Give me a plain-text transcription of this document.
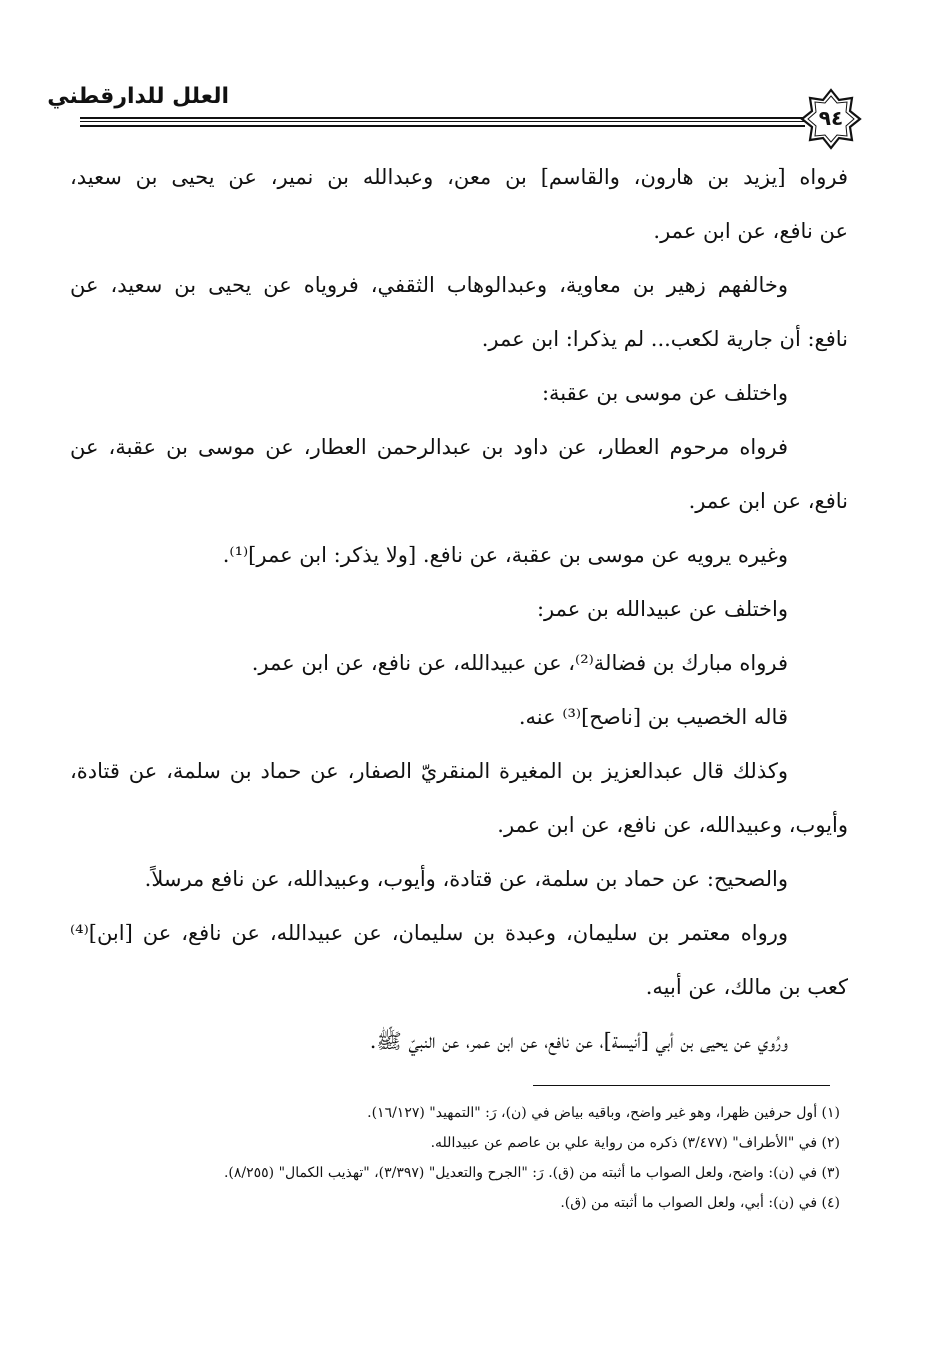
العلل للدارقطني
٩٤
فرواه [يزيد بن هارون، والقاسم] بن معن، وعبدالله بن نمير، عن يحيى بن سعيد،
عن نافع، عن ابن عمر.
وخالفهم زهير بن معاوية، وعبدالوهاب الثقفي، فروياه عن يحيى بن سعيد، عن
نافع: أن جارية لكعب... لم يذكرا: ابن عمر.
واختلف عن موسى بن عقبة:
فرواه مرحوم العطار، عن داود بن عبدالرحمن العطار، عن موسى بن عقبة، عن
نافع، عن ابن عمر.
وغيره يرويه عن موسى بن عقبة، عن نافع. [ولا يذكر: ابن عمر]⁽¹⁾.
واختلف عن عبيدالله بن عمر:
فرواه مبارك بن فضالة⁽²⁾، عن عبيدالله، عن نافع، عن ابن عمر.
قاله الخصيب بن [ناصح]⁽³⁾ عنه.
وكذلك قال عبدالعزيز بن المغيرة المنقريّ الصفار، عن حماد بن سلمة، عن قتادة،
وأيوب، وعبيدالله، عن نافع، عن ابن عمر.
والصحيح: عن حماد بن سلمة، عن قتادة، وأيوب، وعبيدالله، عن نافع مرسلاً.
ورواه معتمر بن سليمان، وعبدة بن سليمان، عن عبيدالله، عن نافع، عن [ابن]⁽⁴⁾
كعب بن مالك، عن أبيه.
ورُوي عن يحيى بن أبي [أنيسة]، عن نافع، عن ابن عمر، عن النبيّ ﷺ.
(١) أول حرفين ظهرا، وهو غير واضح، وباقيه بياض في (ن)، رَ: "التمهيد" (١٦/١٢٧).
(٢) في "الأطراف" (٣/٤٧٧) ذكره من رواية علي بن عاصم عن عبيدالله.
(٣) في (ن): واضح، ولعل الصواب ما أثبته من (ق). رَ: "الجرح والتعديل" (٣/٣٩٧)، "تهذيب الكمال" (٨/٢٥٥).
(٤) في (ن): أبي، ولعل الصواب ما أثبته من (ق).
